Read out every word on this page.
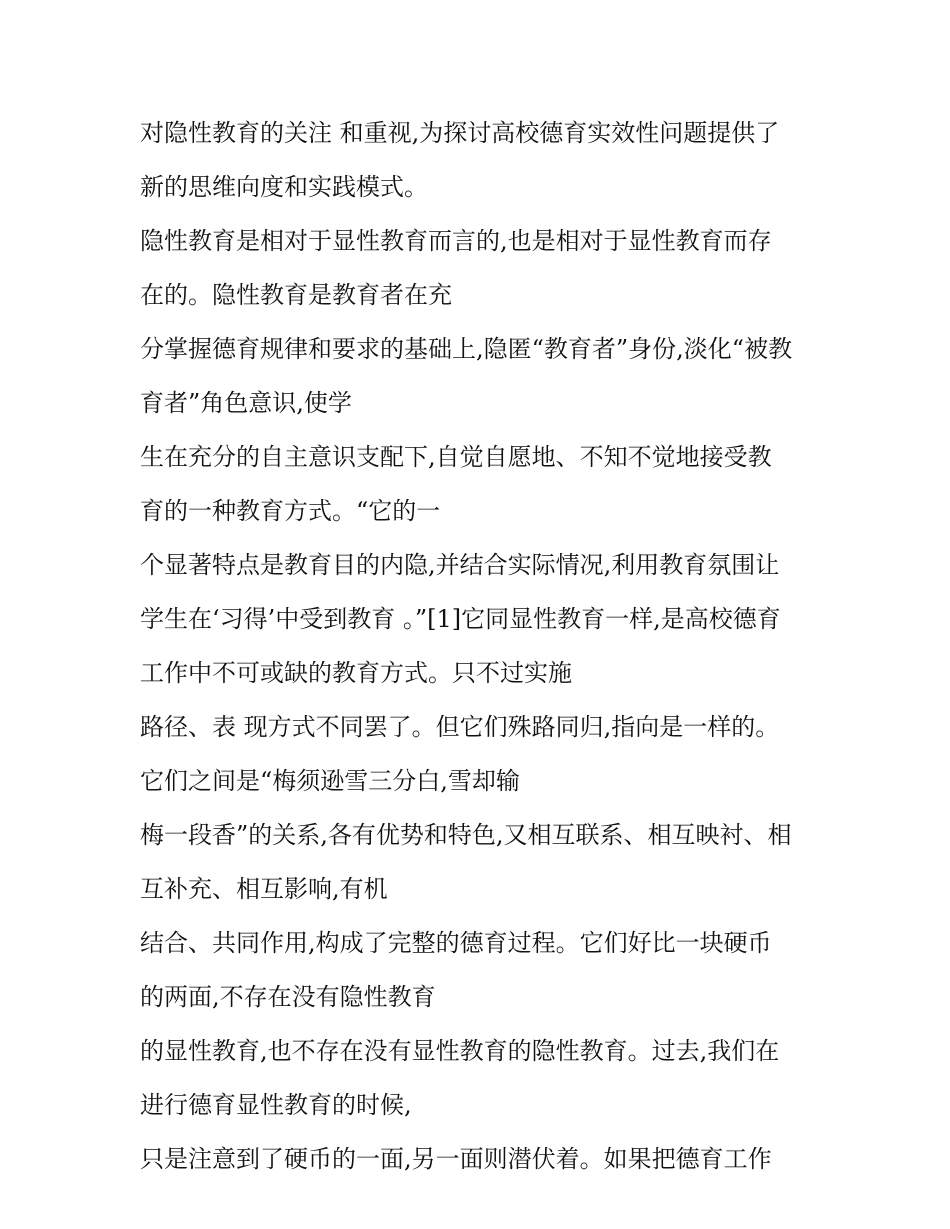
对隐性教育的关注 和重视,为探讨高校德育实效性问题提供了
新的思维向度和实践模式。
隐性教育是相对于显性教育而言的,也是相对于显性教育而存
在的。隐性教育是教育者在充
分掌握德育规律和要求的基础上,隐匿“教育者”身份,淡化“被教
育者”角色意识,使学
生在充分的自主意识支配下,自觉自愿地、不知不觉地接受教
育的一种教育方式。“它的一
个显著特点是教育目的内隐,并结合实际情况,利用教育氛围让
学生在‘习得’中受到教育 。”[1]它同显性教育一样,是高校德育
工作中不可或缺的教育方式。只不过实施
路径、表 现方式不同罢了。但它们殊路同归,指向是一样的。
它们之间是“梅须逊雪三分白,雪却输
梅一段香”的关系,各有优势和特色,又相互联系、相互映衬、相
互补充、相互影响,有机
结合、共同作用,构成了完整的德育过程。它们好比一块硬币
的两面,不存在没有隐性教育
的显性教育,也不存在没有显性教育的隐性教育。过去,我们在
进行德育显性教育的时候,
只是注意到了硬币的一面,另一面则潜伏着。如果把德育工作
